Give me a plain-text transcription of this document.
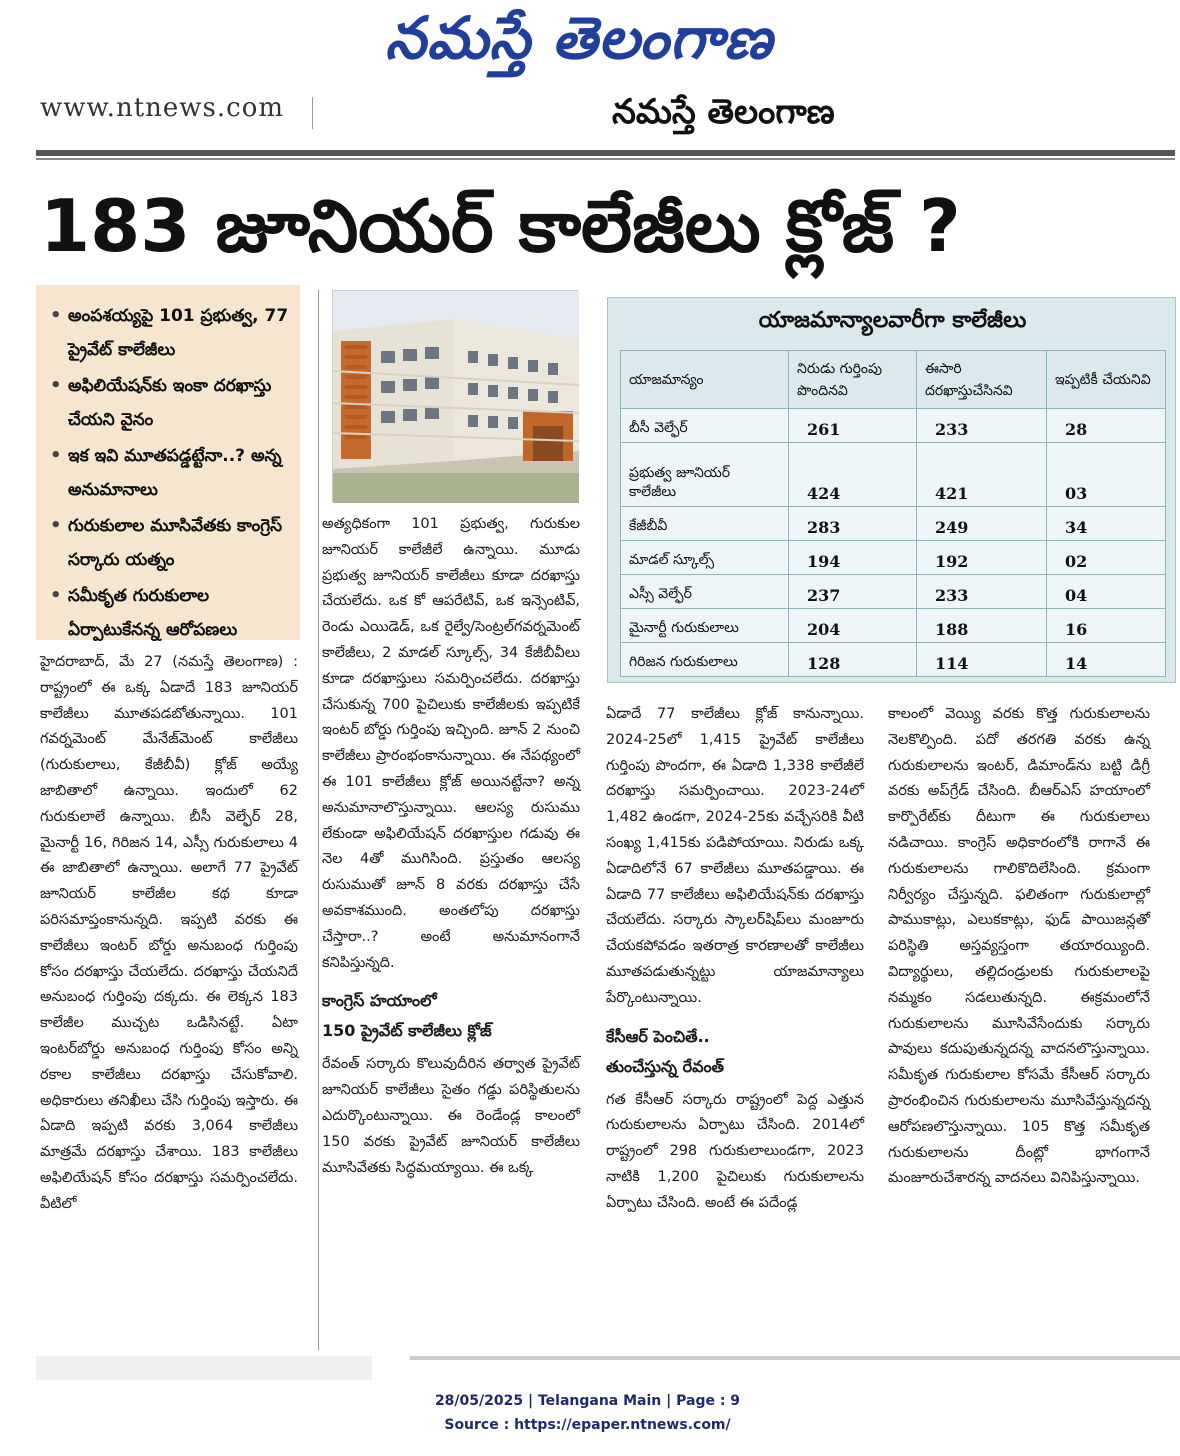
నమస్తే తెలంగాణ
www.ntnews.com	నమస్తే తెలంగాణ
183 జూనియర్ కాలేజీలు క్లోజ్ ?
• అంపశయ్యపై 101 ప్రభుత్వ, 77 ప్రైవేట్ కాలేజీలు
• అఫిలియేషన్‌కు ఇంకా దరఖాస్తు చేయని వైనం
• ఇక ఇవి మూతపడ్డట్టేనా..? అన్న అనుమానాలు
• గురుకులాల మూసివేతకు కాంగ్రెస్ సర్కారు యత్నం
• సమీకృత గురుకులాల ఏర్పాటుకేనన్న ఆరోపణలు
యాజమాన్యాలవారీగా కాలేజీలు
యాజమాన్యం	నిరుడు గుర్తింపు పొందినవి	ఈసారి దరఖాస్తుచేసినవి	ఇప్పటికీ చేయనివి
బీసీ వెల్ఫేర్	261	233	28
ప్రభుత్వ జూనియర్ కాలేజీలు	424	421	03
కేజీబీవీ	283	249	34
మాడల్ స్కూల్స్	194	192	02
ఎస్సీ వెల్ఫేర్	237	233	04
మైనార్టీ గురుకులాలు	204	188	16
గిరిజన గురుకులాలు	128	114	14

హైదరాబాద్, మే 27 (నమస్తే తెలంగాణ) : రాష్ట్రంలో ఈ ఒక్క ఏడాదే 183 జూనియర్ కాలేజీలు మూతపడబోతున్నాయి. 101 గవర్నమెంట్ మేనేజ్‌మెంట్ కాలేజీలు (గురుకులాలు, కేజీబీవీ) క్లోజ్ అయ్యే జాబితాలో ఉన్నాయి. ఇందులో 62 గురుకులాలే ఉన్నాయి. బీసీ వెల్ఫేర్ 28, మైనార్టీ 16, గిరిజన 14, ఎస్సీ గురుకులాలు 4 ఈ జాబితాలో ఉన్నాయి. అలాగే 77 ప్రైవేట్ జూనియర్ కాలేజీల కథ కూడా పరిసమాప్తంకానున్నది. ఇప్పటి వరకు ఈ కాలేజీలు ఇంటర్ బోర్డు అనుబంధ గుర్తింపు కోసం దరఖాస్తు చేయలేదు. దరఖాస్తు చేయనిదే అనుబంధ గుర్తింపు దక్కదు. ఈ లెక్కన 183 కాలేజీల ముచ్చట ఒడిసినట్టే. ఏటా ఇంటర్‌బోర్డు అనుబంధ గుర్తింపు కోసం అన్ని రకాల కాలేజీలు దరఖాస్తు చేసుకోవాలి. అధికారులు తనిఖీలు చేసి గుర్తింపు ఇస్తారు. ఈ ఏడాది ఇప్పటి వరకు 3,064 కాలేజీలు మాత్రమే దరఖాస్తు చేశాయి. 183 కాలేజీలు అఫిలియేషన్ కోసం దరఖాస్తు సమర్పించలేదు. వీటిలో

అత్యధికంగా 101 ప్రభుత్వ, గురుకుల జూనియర్ కాలేజీలే ఉన్నాయి. మూడు ప్రభుత్వ జూనియర్ కాలేజీలు కూడా దరఖాస్తు చేయలేదు. ఒక కో ఆపరేటివ్, ఒక ఇన్సెంటివ్, రెండు ఎయిడెడ్, ఒక రైల్వే/సెంట్రల్‌గవర్నమెంట్ కాలేజీలు, 2 మాడల్ స్కూల్స్, 34 కేజీబీవీలు కూడా దరఖాస్తులు సమర్పించలేదు. దరఖాస్తు చేసుకున్న 700 పైచిలుకు కాలేజీలకు ఇప్పటికే ఇంటర్ బోర్డు గుర్తింపు ఇచ్చింది. జూన్ 2 నుంచి కాలేజీలు ప్రారంభంకానున్నాయి. ఈ నేపథ్యంలో ఈ 101 కాలేజీలు క్లోజ్ అయినట్టేనా? అన్న అనుమానాలొస్తున్నాయి. ఆలస్య రుసుము లేకుండా అఫిలియేషన్ దరఖాస్తుల గడువు ఈ నెల 4తో ముగిసింది. ప్రస్తుతం ఆలస్య రుసుముతో జూన్ 8 వరకు దరఖాస్తు చేసే అవకాశముంది. అంతలోపు దరఖాస్తు చేస్తారా..? అంటే అనుమానంగానే కనిపిస్తున్నది.

కాంగ్రెస్ హయాంలో
150 ప్రైవేట్ కాలేజీలు క్లోజ్

రేవంత్ సర్కారు కొలువుదీరిన తర్వాత ప్రైవేట్ జూనియర్ కాలేజీలు సైతం గడ్డు పరిస్థితులను ఎదుర్కొంటున్నాయి. ఈ రెండేండ్ల కాలంలో 150 వరకు ప్రైవేట్ జూనియర్ కాలేజీలు మూసివేతకు సిద్ధమయ్యాయి. ఈ ఒక్క

ఏడాదే 77 కాలేజీలు క్లోజ్ కానున్నాయి. 2024-25లో 1,415 ప్రైవేట్ కాలేజీలు గుర్తింపు పొందగా, ఈ ఏడాది 1,338 కాలేజీలే దరఖాస్తు సమర్పించాయి. 2023-24లో 1,482 ఉండగా, 2024-25కు వచ్చేసరికి వీటి సంఖ్య 1,415కు పడిపోయాయి. నిరుడు ఒక్క ఏడాదిలోనే 67 కాలేజీలు మూతపడ్డాయి. ఈ ఏడాది 77 కాలేజీలు అఫిలియేషన్‌కు దరఖాస్తు చేయలేదు. సర్కారు స్కాలర్‌షిప్‌లు మంజూరు చేయకపోవడం ఇతరాత్ర కారణాలతో కాలేజీలు మూతపడుతున్నట్టు యాజమాన్యాలు పేర్కొంటున్నాయి.

కేసీఆర్ పెంచితే..
తుంచేస్తున్న రేవంత్

గత కేసీఆర్ సర్కారు రాష్ట్రంలో పెద్ద ఎత్తున గురుకులాలను ఏర్పాటు చేసింది. 2014లో రాష్ట్రంలో 298 గురుకులాలుండగా, 2023 నాటికి 1,200 పైచిలుకు గురుకులాలను ఏర్పాటు చేసింది. అంటే ఈ పదేండ్ల

కాలంలో వెయ్యి వరకు కొత్త గురుకులాలను నెలకొల్పింది. పదో తరగతి వరకు ఉన్న గురుకులాలను ఇంటర్, డిమాండ్‌ను బట్టి డిగ్రీ వరకు అప్‌గ్రేడ్ చేసింది. బీఆర్‌ఎస్ హయాంలో కార్పొరేట్‌కు దీటుగా ఈ గురుకులాలు నడిచాయి. కాంగ్రెస్ అధికారంలోకి రాగానే ఈ గురుకులాలను గాలికొదిలేసింది. క్రమంగా నిర్వీర్యం చేస్తున్నది. ఫలితంగా గురుకులాల్లో పాముకాట్లు, ఎలుకకాట్లు, ఫుడ్ పాయిజన్లతో పరిస్థితి అస్తవ్యస్తంగా తయారయ్యింది. విద్యార్థులు, తల్లిదండ్రులకు గురుకులాలపై నమ్మకం సడలుతున్నది. ఈక్రమంలోనే గురుకులాలను మూసివేసేందుకు సర్కారు పావులు కదుపుతున్నదన్న వాదనలొస్తున్నాయి. సమీకృత గురుకులాల కోసమే కేసీఆర్ సర్కారు ప్రారంభించిన గురుకులాలను మూసివేస్తున్నదన్న ఆరోపణలొస్తున్నాయి. 105 కొత్త సమీకృత గురుకులాలను దీంట్లో భాగంగానే మంజూరుచేశారన్న వాదనలు వినిపిస్తున్నాయి.

28/05/2025 | Telangana Main | Page : 9
Source : https://epaper.ntnews.com/
